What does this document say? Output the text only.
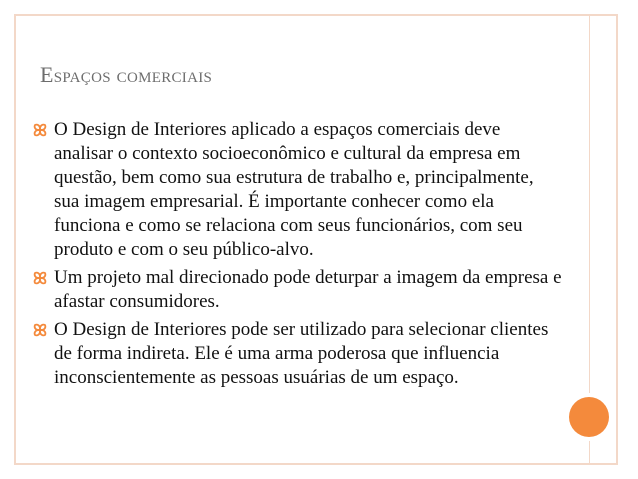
Espaços comerciais
O Design de Interiores aplicado a espaços comerciais deve analisar o contexto socioeconômico e cultural da empresa em questão, bem como sua estrutura de trabalho e, principalmente, sua imagem empresarial. É importante conhecer como ela funciona e como se relaciona com seus funcionários, com seu produto e com o seu público-alvo.
Um projeto mal direcionado pode deturpar a imagem da empresa e afastar consumidores.
O Design de Interiores pode ser utilizado para selecionar clientes de forma indireta. Ele é uma arma poderosa que influencia inconscientemente as pessoas usuárias de um espaço.
